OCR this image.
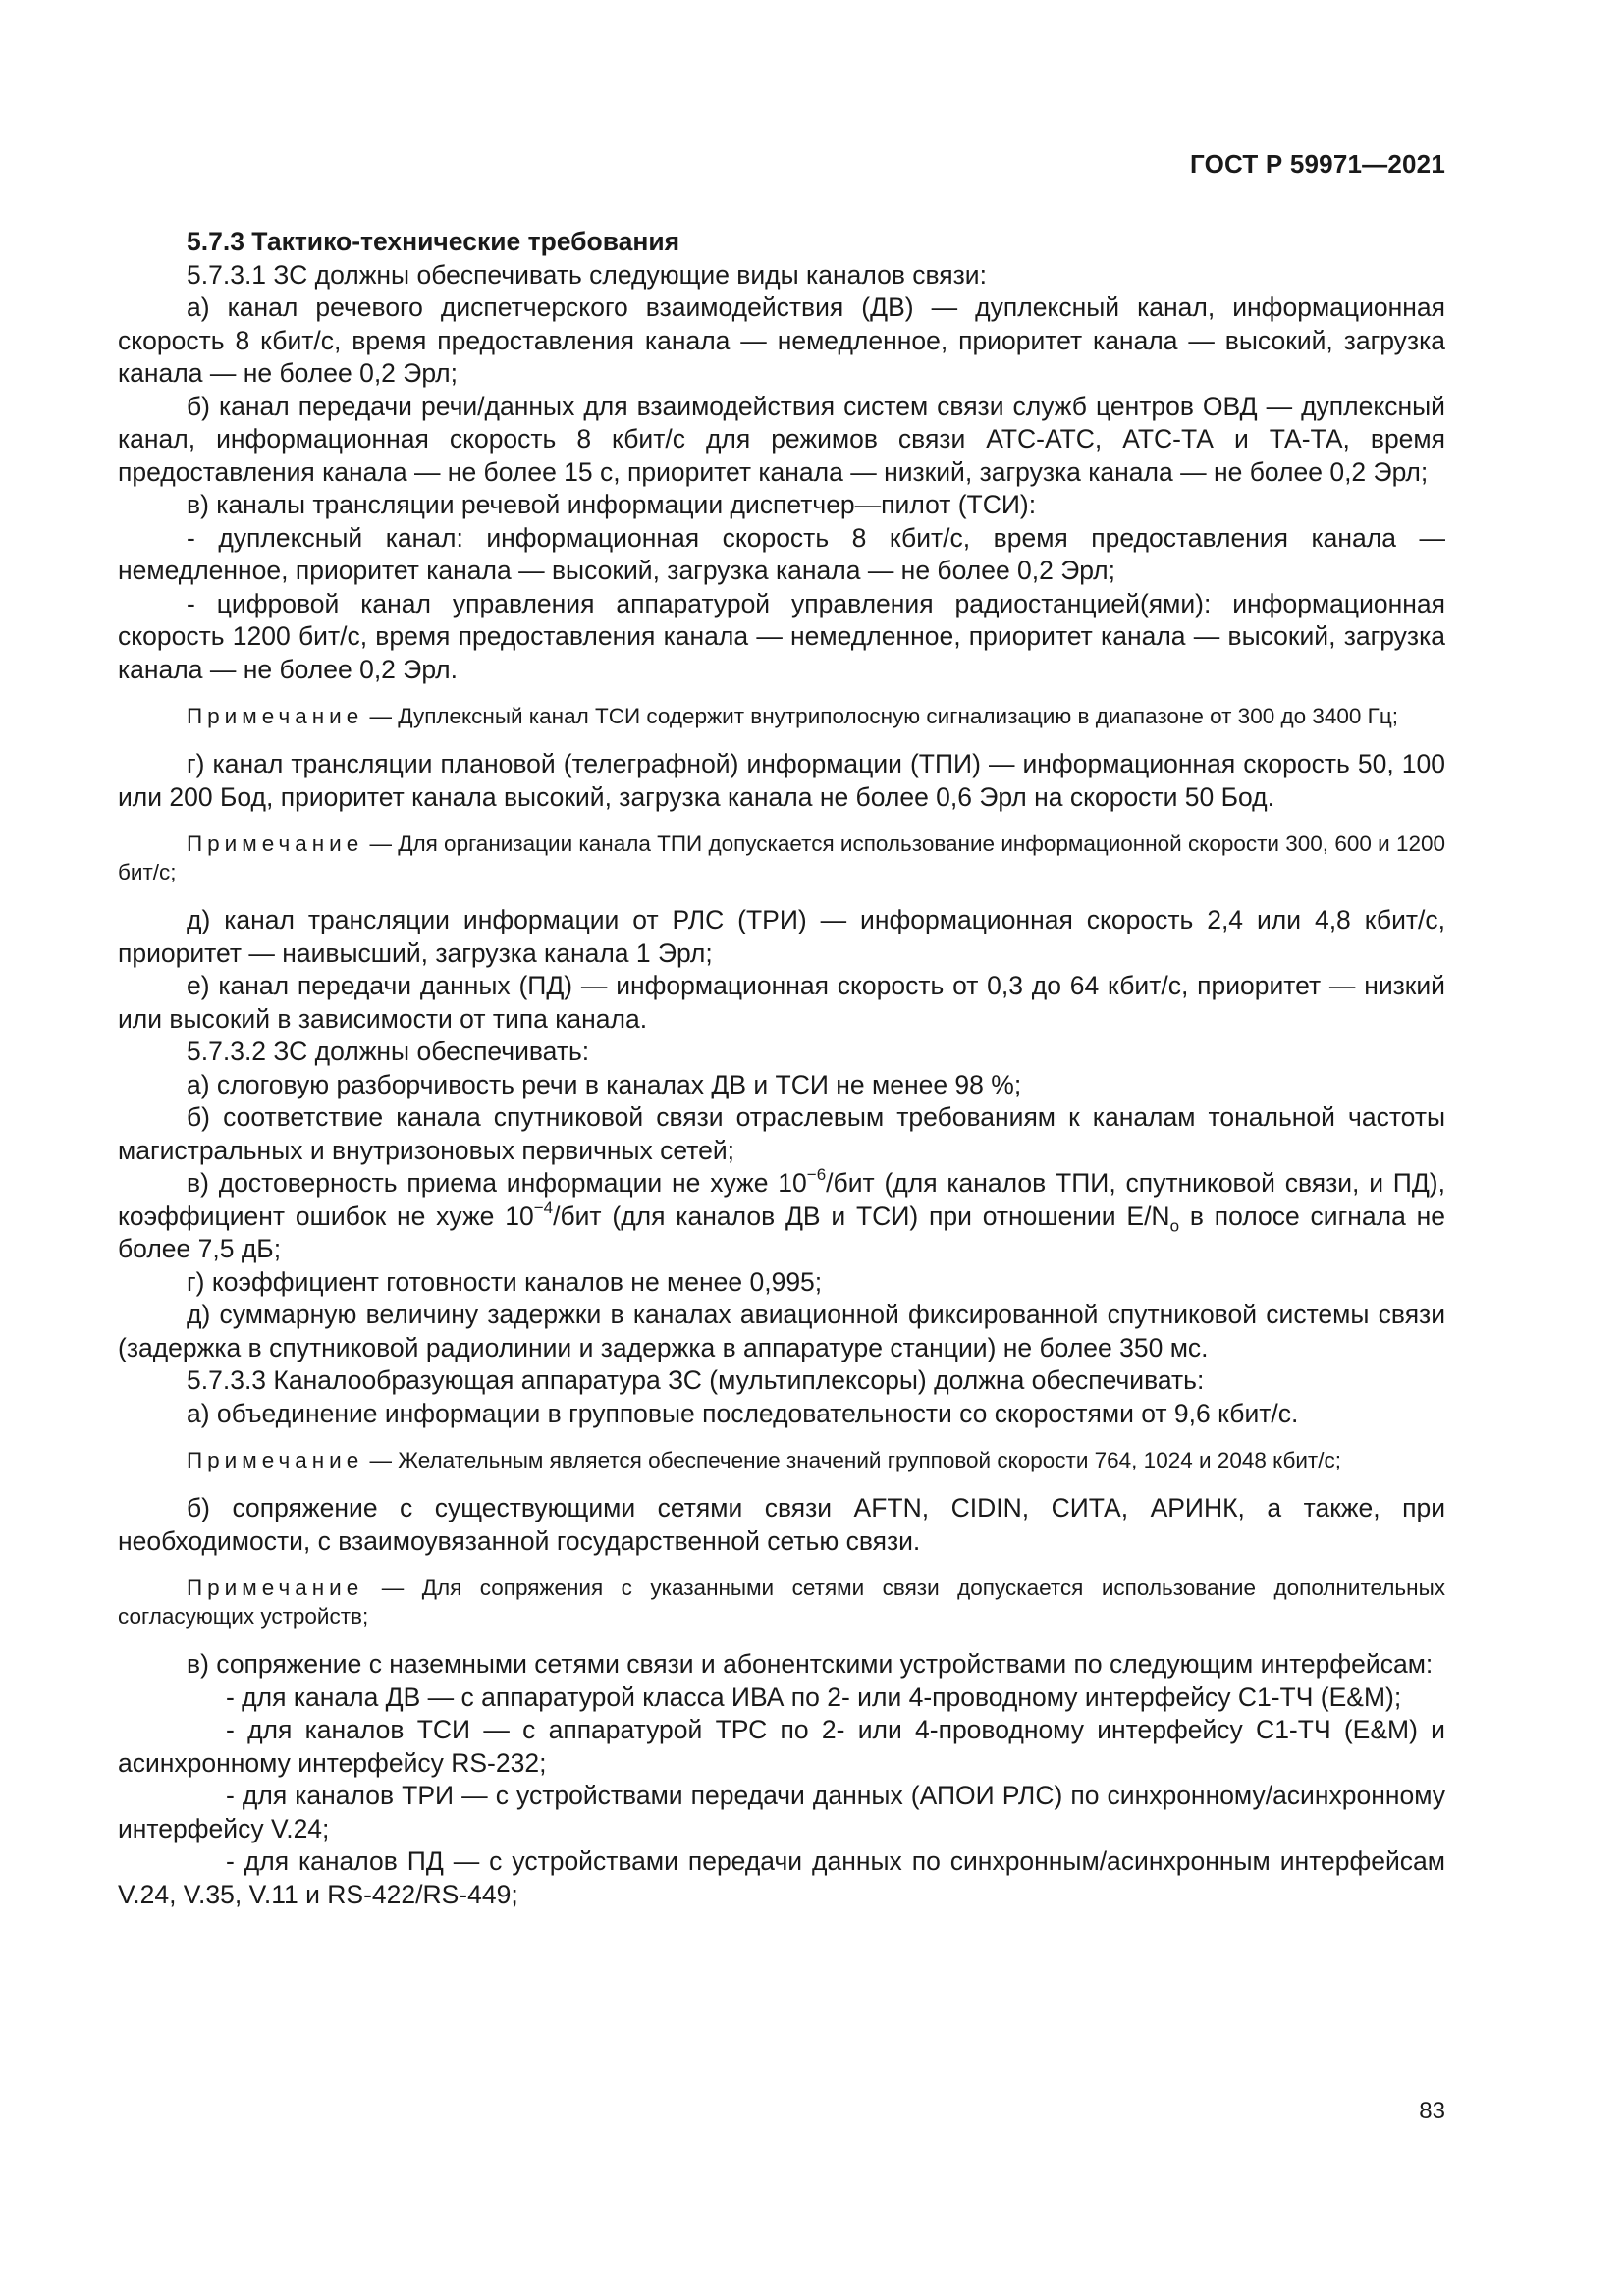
ГОСТ Р 59971—2021

5.7.3 Тактико-технические требования

5.7.3.1 ЗС должны обеспечивать следующие виды каналов связи:

а) канал речевого диспетчерского взаимодействия (ДВ) — дуплексный канал, информационная скорость 8 кбит/с, время предоставления канала — немедленное, приоритет канала — высокий, загрузка канала — не более 0,2 Эрл;

б) канал передачи речи/данных для взаимодействия систем связи служб центров ОВД — дуплексный канал, информационная скорость 8 кбит/с для режимов связи АТС-АТС, АТС-ТА и ТА-ТА, время предоставления канала — не более 15 с, приоритет канала — низкий, загрузка канала — не более 0,2 Эрл;

в) каналы трансляции речевой информации диспетчер—пилот (ТСИ):

- дуплексный канал: информационная скорость 8 кбит/с, время предоставления канала — немедленное, приоритет канала — высокий, загрузка канала — не более 0,2 Эрл;

- цифровой канал управления аппаратурой управления радиостанцией(ями): информационная скорость 1200 бит/с, время предоставления канала — немедленное, приоритет канала — высокий, загрузка канала — не более 0,2 Эрл.

Примечание — Дуплексный канал ТСИ содержит внутриполосную сигнализацию в диапазоне от 300 до 3400 Гц;

г) канал трансляции плановой (телеграфной) информации (ТПИ) — информационная скорость 50, 100 или 200 Бод, приоритет канала высокий, загрузка канала не более 0,6 Эрл на скорости 50 Бод.

Примечание — Для организации канала ТПИ допускается использование информационной скорости 300, 600 и 1200 бит/с;

д) канал трансляции информации от РЛС (ТРИ) — информационная скорость 2,4 или 4,8 кбит/с, приоритет — наивысший, загрузка канала 1 Эрл;

е) канал передачи данных (ПД) — информационная скорость от 0,3 до 64 кбит/с, приоритет — низкий или высокий в зависимости от типа канала.

5.7.3.2 ЗС должны обеспечивать:

а) слоговую разборчивость речи в каналах ДВ и ТСИ не менее 98 %;

б) соответствие канала спутниковой связи отраслевым требованиям к каналам тональной частоты магистральных и внутризоновых первичных сетей;

в) достоверность приема информации не хуже $10^{-6}$/бит (для каналов ТПИ, спутниковой связи, и ПД), коэффициент ошибок не хуже $10^{-4}$/бит (для каналов ДВ и ТСИ) при отношении $E/N_o$ в полосе сигнала не более 7,5 дБ;

г) коэффициент готовности каналов не менее 0,995;

д) суммарную величину задержки в каналах авиационной фиксированной спутниковой системы связи (задержка в спутниковой радиолинии и задержка в аппаратуре станции) не более 350 мс.

5.7.3.3 Каналообразующая аппаратура ЗС (мультиплексоры) должна обеспечивать:

а) объединение информации в групповые последовательности со скоростями от 9,6 кбит/с.

Примечание — Желательным является обеспечение значений групповой скорости 764, 1024 и 2048 кбит/с;

б) сопряжение с существующими сетями связи AFTN, CIDIN, СИТА, АРИНК, а также, при необходимости, с взаимоувязанной государственной сетью связи.

Примечание — Для сопряжения с указанными сетями связи допускается использование дополнительных согласующих устройств;

в) сопряжение с наземными сетями связи и абонентскими устройствами по следующим интерфейсам:

- для канала ДВ — с аппаратурой класса ИВА по 2- или 4-проводному интерфейсу С1-ТЧ (E&M);

- для каналов ТСИ — с аппаратурой ТРС по 2- или 4-проводному интерфейсу С1-ТЧ (E&M) и асинхронному интерфейсу RS-232;

- для каналов ТРИ — с устройствами передачи данных (АПОИ РЛС) по синхронному/асинхронному интерфейсу V.24;

- для каналов ПД — с устройствами передачи данных по синхронным/асинхронным интерфейсам V.24, V.35, V.11 и RS-422/RS-449;

83
